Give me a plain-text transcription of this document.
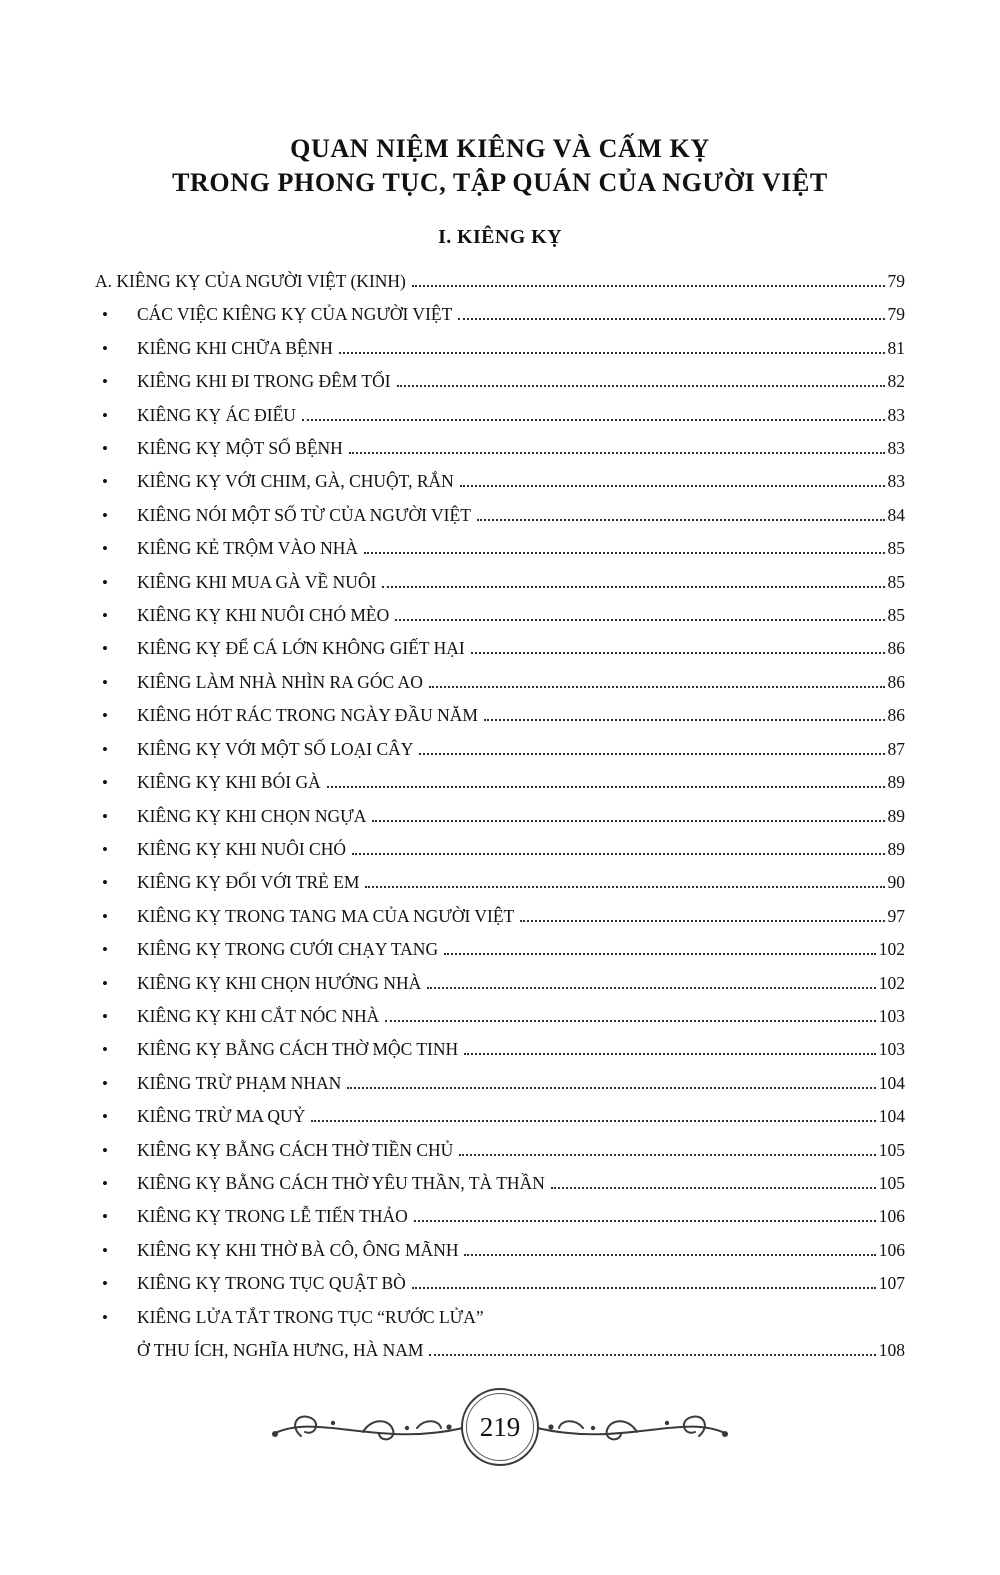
QUAN NIỆM KIÊNG VÀ CẤM KỴ
TRONG PHONG TỤC, TẬP QUÁN CỦA NGƯỜI VIỆT
I. KIÊNG KỴ
A. KIÊNG KỴ CỦA NGƯỜI VIỆT (KINH)	79
•	CÁC VIỆC KIÊNG KỴ CỦA NGƯỜI VIỆT	79
•	KIÊNG KHI CHỮA BỆNH	81
•	KIÊNG KHI ĐI TRONG ĐÊM TỐI	82
•	KIÊNG KỴ ÁC ĐIỂU	83
•	KIÊNG KỴ MỘT SỐ BỆNH	83
•	KIÊNG KỴ VỚI CHIM, GÀ, CHUỘT, RẮN	83
•	KIÊNG NÓI MỘT SỐ TỪ CỦA NGƯỜI VIỆT	84
•	KIÊNG KẺ TRỘM VÀO NHÀ	85
•	KIÊNG KHI MUA GÀ VỀ NUÔI	85
•	KIÊNG KỴ KHI NUÔI CHÓ MÈO	85
•	KIÊNG KỴ ĐỂ CÁ LỚN KHÔNG GIẾT HẠI	86
•	KIÊNG LÀM NHÀ NHÌN RA GÓC AO	86
•	KIÊNG HÓT RÁC TRONG NGÀY ĐẦU NĂM	86
•	KIÊNG KỴ VỚI MỘT SỐ LOẠI CÂY	87
•	KIÊNG KỴ KHI BÓI GÀ	89
•	KIÊNG KỴ KHI CHỌN NGỰA	89
•	KIÊNG KỴ KHI NUÔI CHÓ	89
•	KIÊNG KỴ ĐỐI VỚI TRẺ EM	90
•	KIÊNG KỴ TRONG TANG MA CỦA NGƯỜI VIỆT	97
•	KIÊNG KỴ TRONG CƯỚI CHẠY TANG	102
•	KIÊNG KỴ KHI CHỌN HƯỚNG NHÀ	102
•	KIÊNG KỴ KHI CẮT NÓC NHÀ	103
•	KIÊNG KỴ BẰNG CÁCH THỜ MỘC TINH	103
•	KIÊNG TRỪ PHẠM NHAN	104
•	KIÊNG TRỪ MA QUỶ	104
•	KIÊNG KỴ BẰNG CÁCH THỜ TIỀN CHỦ	105
•	KIÊNG KỴ BẰNG CÁCH THỜ YÊU THẦN, TÀ THẦN	105
•	KIÊNG KỴ TRONG LỄ TIẾN THẢO	106
•	KIÊNG KỴ KHI THỜ BÀ CÔ, ÔNG MÃNH	106
•	KIÊNG KỴ TRONG TỤC QUẬT BÒ	107
•	KIÊNG LỬA TẮT TRONG TỤC “RƯỚC LỬA”
Ở THU ÍCH, NGHĨA HƯNG, HÀ NAM	108
219
